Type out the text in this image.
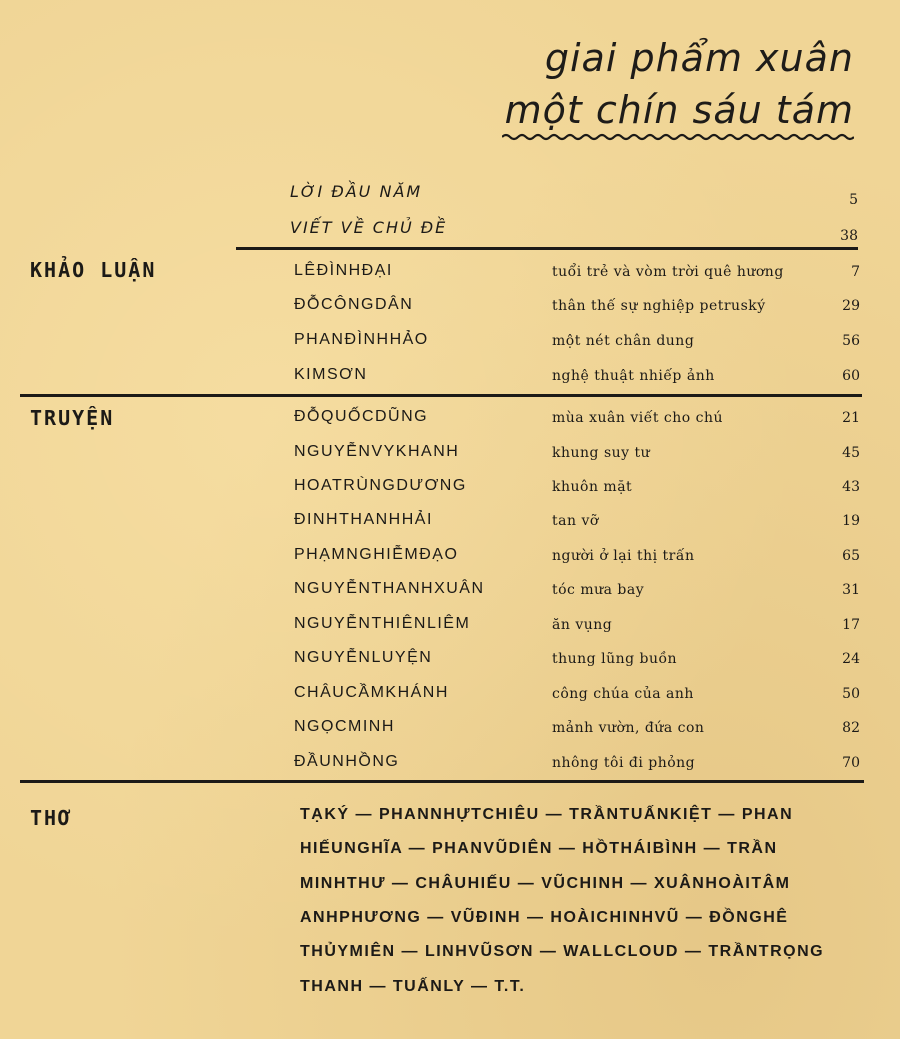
giai phẩm xuân
một chín sáu tám
LỜI ĐẦU NĂM	5
VIẾT VỀ CHỦ ĐỀ	38
KHẢO LUẬN	LÊĐÌNHĐẠI	tuổi trẻ và vòm trời quê hương	7
ĐỖCÔNGDÂN	thân thế sự nghiệp petruský	29
PHANĐÌNHHẢO	một nét chân dung	56
KIMSƠN	nghệ thuật nhiếp ảnh	60
TRUYỆN	ĐỖQUỐCDŨNG	mùa xuân viết cho chú	21
NGUYỄNVYKHANH	khung suy tư	45
HOATRÙNGDƯƠNG	khuôn mặt	43
ĐINHTHANHHẢI	tan vỡ	19
PHẠMNGHIỄMĐẠO	người ở lại thị trấn	65
NGUYỄNTHANHXUÂN	tóc mưa bay	31
NGUYỄNTHIÊNLIÊM	ăn vụng	17
NGUYỄNLUYỆN	thung lũng buồn	24
CHÂUCẦMKHÁNH	công chúa của anh	50
NGỌCMINH	mảnh vườn, đứa con	82
ĐẦUNHỒNG	nhông tôi đi phỏng	70
THƠ	TẠKÝ — PHANNHỰTCHIÊU — TRẦNTUẤNKIỆT — PHAN
HIẾUNGHĨA — PHANVŨDIÊN — HỒTHÁIBÌNH — TRẦN
MINHTHƯ — CHÂUHIẾU — VŨCHINH — XUÂNHOÀITÂM
ANHPHƯƠNG — VŨĐINH — HOÀICHINHVŨ — ĐỒNGHÊ
THỦYMIÊN — LINHVŨSƠN — WALLCLOUD — TRẦNTRỌNG
THANH — TUẤNLY — T.T.
